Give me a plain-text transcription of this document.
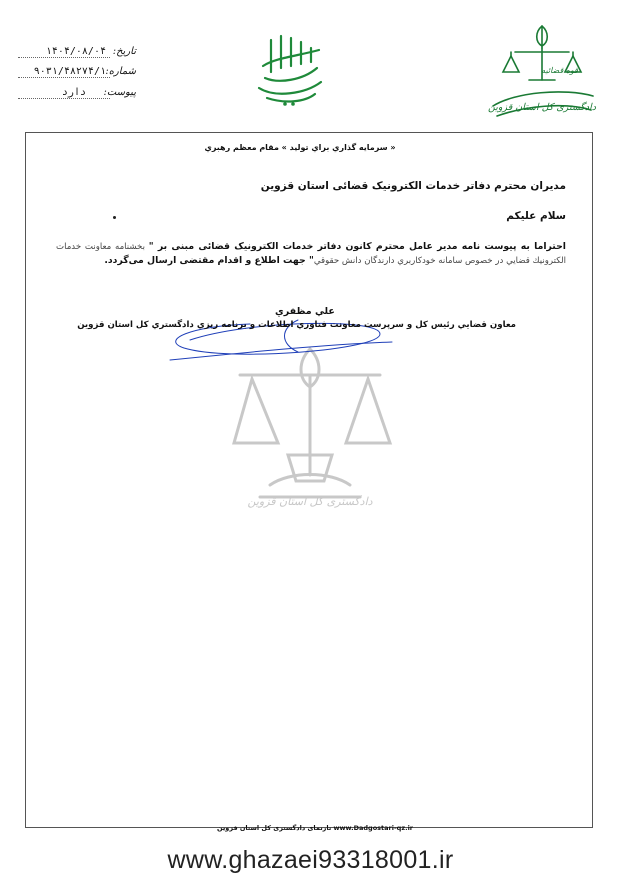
تاریخ:
۱۴۰۴/۰۸/۰۴
شماره:
۹۰۳۱/۴۸۲۷۴/۱
پیوست:
دارد
قوه قضائیه
دادگستری کل استان قزوین
دادگستری کل استان قزوین
« سرمايه گذاري براي توليد » مقام معظم رهبري
مديران محترم دفاتر خدمات الكترونيک قضائی استان قزوين
سلام عليكم
احتراما به پيوست نامه مدير عامل محترم كانون دفاتر خدمات الكترونيک قضائی مبنی بر " بخشنامه معاونت خدمات الكترونيك قضايي در خصوص سامانه خودكاربري دارندگان دانش حقوقي" جهت اطلاع و اقدام مقتضی ارسال می‌گردد.
علي مظفري
معاون قضايي رئيس كل و سرپرست معاونت فناوري اطلاعات و برنامه ريزي دادگستري كل استان قزوين
www.Dadgostari-qz.ir تارنمای دادگستری کل استان قزوین
www.ghazaei93318001.ir
